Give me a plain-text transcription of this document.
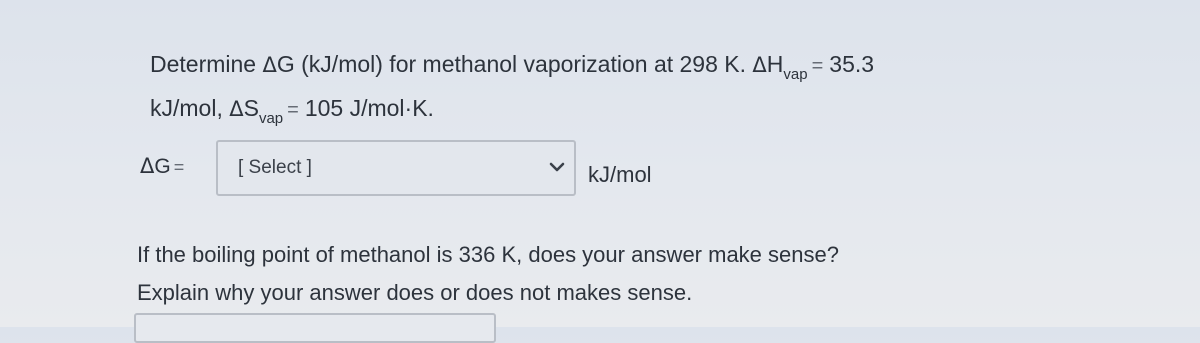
Determine ΔG (kJ/mol) for methanol vaporization at 298 K. $\Delta H_{vap} = 35.3$
kJ/mol, $\Delta S_{vap} = 105$ J/mol·K.
ΔG =	[ Select ]	kJ/mol
If the boiling point of methanol is 336 K, does your answer make sense?
Explain why your answer does or does not makes sense.
